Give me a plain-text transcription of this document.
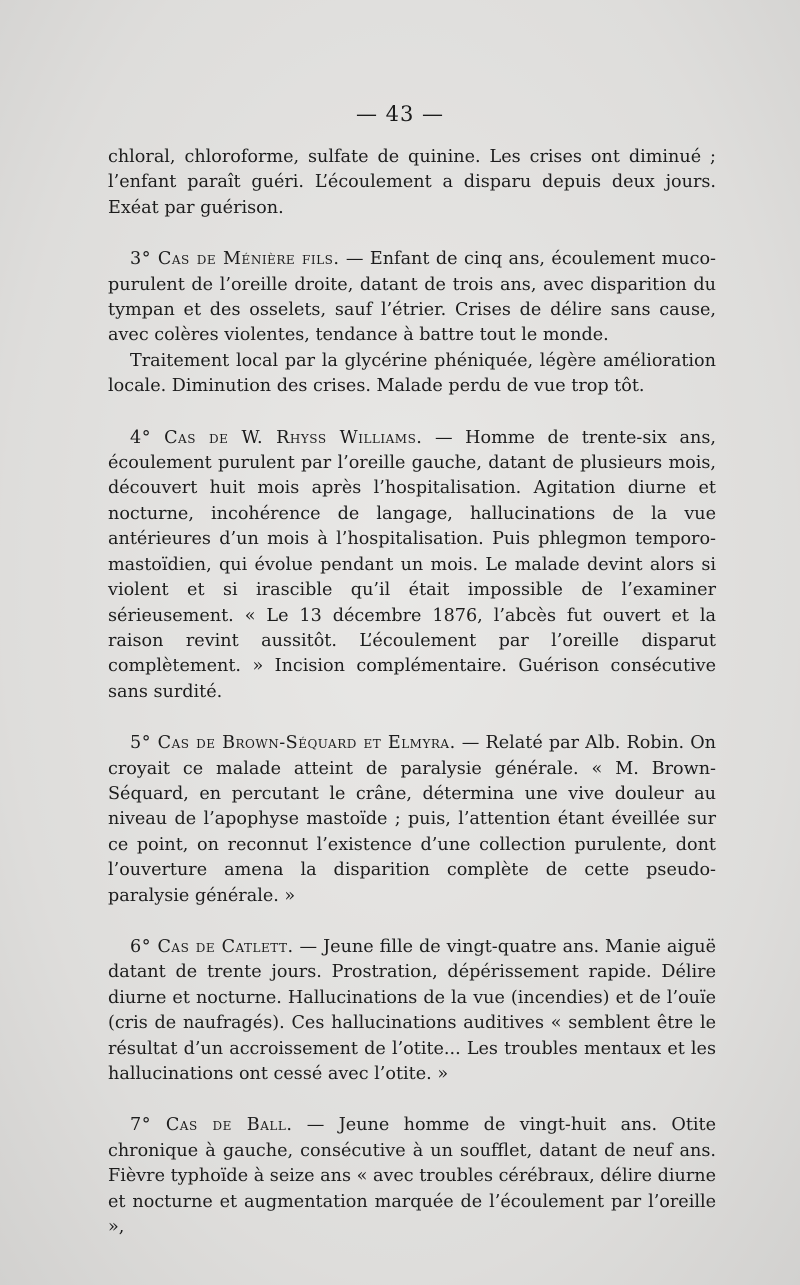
— 43 —

chloral, chloroforme, sulfate de quinine. Les crises ont diminué ; l’enfant paraît guéri. L’écoulement a disparu depuis deux jours. Exéat par guérison.

3° Cas de Ménière fils. — Enfant de cinq ans, écoulement muco-purulent de l’oreille droite, datant de trois ans, avec disparition du tympan et des osselets, sauf l’étrier. Crises de délire sans cause, avec colères violentes, tendance à battre tout le monde.

Traitement local par la glycérine phéniquée, légère amélioration locale. Diminution des crises. Malade perdu de vue trop tôt.

4° Cas de W. Rhyss Williams. — Homme de trente-six ans, écoulement purulent par l’oreille gauche, datant de plusieurs mois, découvert huit mois après l’hospitalisation. Agitation diurne et nocturne, incohérence de langage, hallucinations de la vue antérieures d’un mois à l’hospitalisation. Puis phlegmon temporo-mastoïdien, qui évolue pendant un mois. Le malade devint alors si violent et si irascible qu’il était impossible de l’examiner sérieusement. « Le 13 décembre 1876, l’abcès fut ouvert et la raison revint aussitôt. L’écoulement par l’oreille disparut complètement. » Incision complémentaire. Guérison consécutive sans surdité.

5° Cas de Brown-Séquard et Elmyra. — Relaté par Alb. Robin. On croyait ce malade atteint de paralysie générale. « M. Brown-Séquard, en percutant le crâne, détermina une vive douleur au niveau de l’apophyse mastoïde ; puis, l’attention étant éveillée sur ce point, on reconnut l’existence d’une collection purulente, dont l’ouverture amena la disparition complète de cette pseudo-paralysie générale. »

6° Cas de Catlett. — Jeune fille de vingt-quatre ans. Manie aiguë datant de trente jours. Prostration, dépérissement rapide. Délire diurne et nocturne. Hallucinations de la vue (incendies) et de l’ouïe (cris de naufragés). Ces hallucinations auditives « semblent être le résultat d’un accroissement de l’otite... Les troubles mentaux et les hallucinations ont cessé avec l’otite. »

7° Cas de Ball. — Jeune homme de vingt-huit ans. Otite chronique à gauche, consécutive à un soufflet, datant de neuf ans. Fièvre typhoïde à seize ans « avec troubles cérébraux, délire diurne et nocturne et augmentation marquée de l’écoulement par l’oreille »,
